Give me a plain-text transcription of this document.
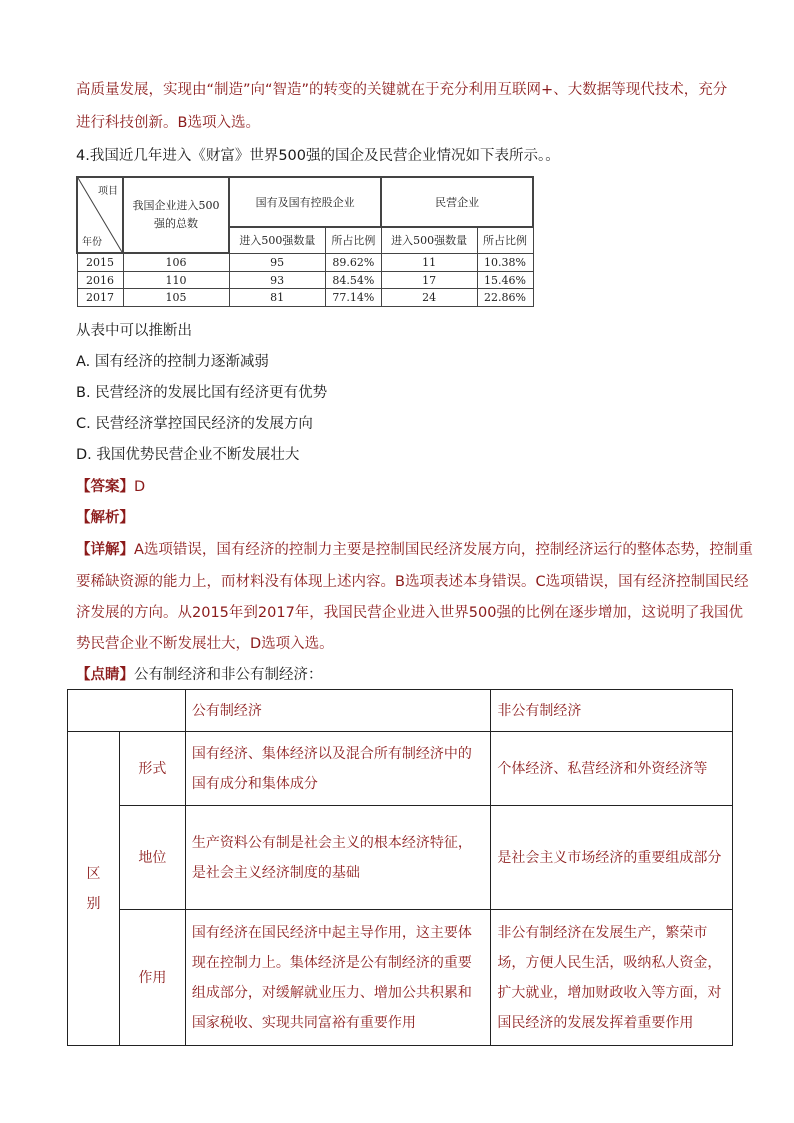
高质量发展，实现由“制造”向“智造”的转变的关键就在于充分利用互联网+、大数据等现代技术，充分
进行科技创新。B选项入选。
4.我国近几年进入《财富》世界500强的国企及民营企业情况如下表所示。。
项目
年份	我国企业进入500强的总数	国有及国有控股企业		民营企业	
		进入500强数量	所占比例	进入500强数量	所占比例
2015	106	95	89.62%	11	10.38%
2016	110	93	84.54%	17	15.46%
2017	105	81	77.14%	24	22.86%
从表中可以推断出
A. 国有经济的控制力逐渐减弱
B. 民营经济的发展比国有经济更有优势
C. 民营经济掌控国民经济的发展方向
D. 我国优势民营企业不断发展壮大
【答案】D
【解析】
【详解】A选项错误，国有经济的控制力主要是控制国民经济发展方向，控制经济运行的整体态势，控制重
要稀缺资源的能力上，而材料没有体现上述内容。B选项表述本身错误。C选项错误，国有经济控制国民经
济发展的方向。从2015年到2017年，我国民营企业进入世界500强的比例在逐步增加，这说明了我国优
势民营企业不断发展壮大，D选项入选。
【点睛】公有制经济和非公有制经济：
		公有制经济	非公有制经济

区
别	形式	国有经济、集体经济以及混合所有制经济中的国有成分和集体成分	个体经济、私营经济和外资经济等
	地位	生产资料公有制是社会主义的根本经济特征，是社会主义经济制度的基础	是社会主义市场经济的重要组成部分
	作用	国有经济在国民经济中起主导作用，这主要体现在控制力上。集体经济是公有制经济的重要组成部分，对缓解就业压力、增加公共积累和国家税收、实现共同富裕有重要作用	非公有制经济在发展生产，繁荣市场，方便人民生活，吸纳私人资金，扩大就业，增加财政收入等方面，对国民经济的发展发挥着重要作用
